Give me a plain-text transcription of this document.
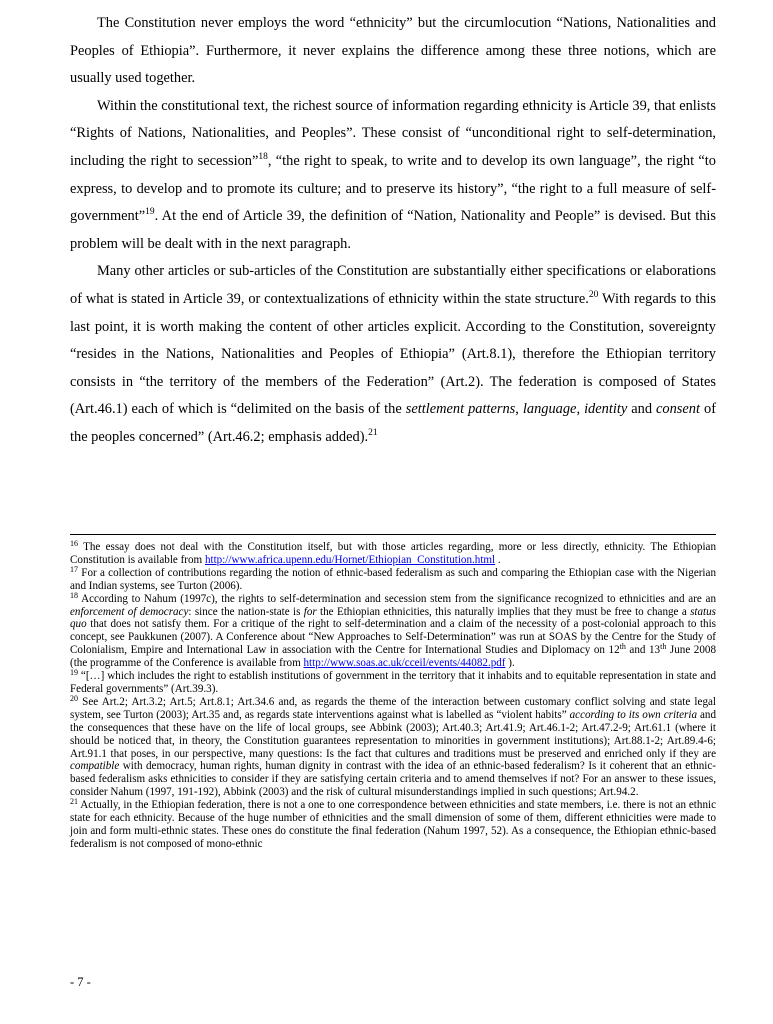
The Constitution never employs the word “ethnicity” but the circumlocution “Nations, Nationalities and Peoples of Ethiopia”. Furthermore, it never explains the difference among these three notions, which are usually used together.

Within the constitutional text, the richest source of information regarding ethnicity is Article 39, that enlists “Rights of Nations, Nationalities, and Peoples”. These consist of “unconditional right to self-determination, including the right to secession”$^{18}$, “the right to speak, to write and to develop its own language”, the right “to express, to develop and to promote its culture; and to preserve its history”, “the right to a full measure of self-government”$^{19}$. At the end of Article 39, the definition of “Nation, Nationality and People” is devised. But this problem will be dealt with in the next paragraph.

Many other articles or sub-articles of the Constitution are substantially either specifications or elaborations of what is stated in Article 39, or contextualizations of ethnicity within the state structure.$^{20}$ With regards to this last point, it is worth making the content of other articles explicit. According to the Constitution, sovereignty “resides in the Nations, Nationalities and Peoples of Ethiopia” (Art.8.1), therefore the Ethiopian territory consists in “the territory of the members of the Federation” (Art.2). The federation is composed of States (Art.46.1) each of which is “delimited on the basis of the settlement patterns, language, identity and consent of the peoples concerned” (Art.46.2; emphasis added).$^{21}$

$^{16}$ The essay does not deal with the Constitution itself, but with those articles regarding, more or less directly, ethnicity. The Ethiopian Constitution is available from http://www.africa.upenn.edu/Hornet/Ethiopian_Constitution.html .

$^{17}$ For a collection of contributions regarding the notion of ethnic-based federalism as such and comparing the Ethiopian case with the Nigerian and Indian systems, see Turton (2006).

$^{18}$ According to Nahum (1997c), the rights to self-determination and secession stem from the significance recognized to ethnicities and are an enforcement of democracy: since the nation-state is for the Ethiopian ethnicities, this naturally implies that they must be free to change a status quo that does not satisfy them. For a critique of the right to self-determination and a claim of the necessity of a post-colonial approach to this concept, see Paukkunen (2007). A Conference about “New Approaches to Self-Determination” was run at SOAS by the Centre for the Study of Colonialism, Empire and International Law in association with the Centre for International Studies and Diplomacy on 12th and 13th June 2008 (the programme of the Conference is available from http://www.soas.ac.uk/cceil/events/44082.pdf ).

$^{19}$ “[…] which includes the right to establish institutions of government in the territory that it inhabits and to equitable representation in state and Federal governments” (Art.39.3).

$^{20}$ See Art.2; Art.3.2; Art.5; Art.8.1; Art.34.6 and, as regards the theme of the interaction between customary conflict solving and state legal system, see Turton (2003); Art.35 and, as regards state interventions against what is labelled as “violent habits” according to its own criteria and the consequences that these have on the life of local groups, see Abbink (2003); Art.40.3; Art.41.9; Art.46.1-2; Art.47.2-9; Art.61.1 (where it should be noticed that, in theory, the Constitution guarantees representation to minorities in government institutions); Art.88.1-2; Art.89.4-6; Art.91.1 that poses, in our perspective, many questions: Is the fact that cultures and traditions must be preserved and enriched only if they are compatible with democracy, human rights, human dignity in contrast with the idea of an ethnic-based federalism? Is it coherent that an ethnic-based federalism asks ethnicities to consider if they are satisfying certain criteria and to amend themselves if not? For an answer to these issues, consider Nahum (1997, 191-192), Abbink (2003) and the risk of cultural misunderstandings implied in such questions; Art.94.2.

$^{21}$ Actually, in the Ethiopian federation, there is not a one to one correspondence between ethnicities and state members, i.e. there is not an ethnic state for each ethnicity. Because of the huge number of ethnicities and the small dimension of some of them, different ethnicities were made to join and form multi-ethnic states. These ones do constitute the final federation (Nahum 1997, 52). As a consequence, the Ethiopian ethnic-based federalism is not composed of mono-ethnic

- 7 -
